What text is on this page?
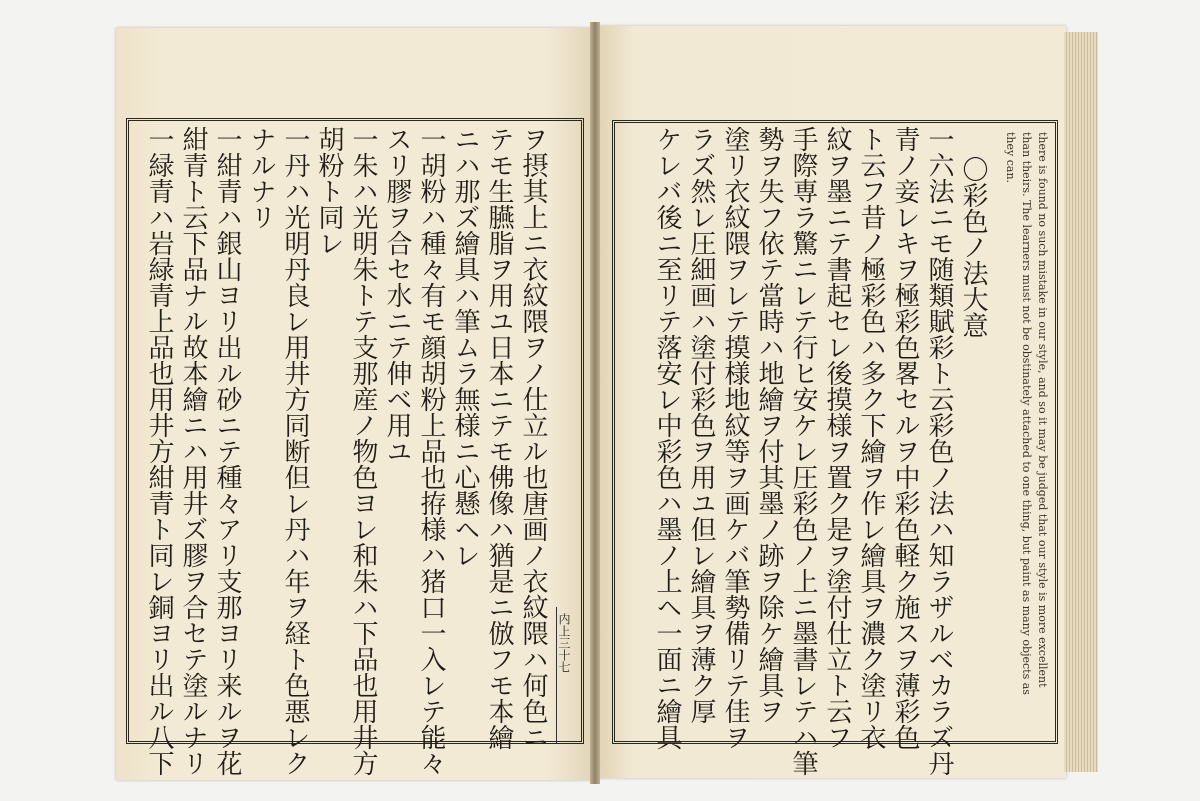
ヲ摂其上ニ衣紋隈ヲノ仕立ル也唐画ノ衣紋隈ハ何色ニ
テモ生臙脂ヲ用ユ日本ニテモ佛像ハ猶是ニ倣フモ本繪
ニハ那ズ繪具ハ筆ムラ無様ニ心懸ヘレ
一胡粉ハ種々有モ顔胡粉上品也拵様ハ猪口一入レテ能々
スリ膠ヲ合セ水ニテ伸ベ用ユ
一朱ハ光明朱トテ支那産ノ物色ヨレ和朱ハ下品也用井方
胡粉ト同レ
一丹ハ光明丹良レ用井方同断但レ丹ハ年ヲ経ト色悪レク
ナルナリ
一紺青ハ銀山ヨリ出ル砂ニテ種々アリ支那ヨリ来ルヲ花
紺青ト云下品ナル故本繪ニハ用井ズ膠ヲ合セテ塗ルナリ
一緑青ハ岩緑青上品也用井方紺青ト同レ銅ヨリ出ル八下	内上三十七	there is found no such mistake in our style, and so it may be judged that our style is more excellent
than theirs. The learners must not be obstinately attached to one thing, but paint as many objects as
they can.
〇彩色ノ法大意
一六法ニモ随類賦彩ト云彩色ノ法ハ知ラザルベカラズ丹
青ノ妾レキヲ極彩色畧セルヲ中彩色軽ク施スヲ薄彩色
ト云フ昔ノ極彩色ハ多ク下繪ヲ作レ繪具ヲ濃ク塗リ衣
紋ヲ墨ニテ書起セレ後摸様ヲ置ク是ヲ塗付仕立ト云フ
手際専ラ驚ニレテ行ヒ安ケレ圧彩色ノ上ニ墨書レテハ筆
勢ヲ失フ依テ當時ハ地繪ヲ付其墨ノ跡ヲ除ケ繪具ヲ
塗リ衣紋隈ヲレテ摸様地紋等ヲ画ケバ筆勢備リテ佳ヲ
ラズ然レ圧細画ハ塗付彩色ヲ用ユ但レ繪具ヲ薄ク厚
ケレバ後ニ至リテ落安レ中彩色ハ墨ノ上ヘ一面ニ繪具
